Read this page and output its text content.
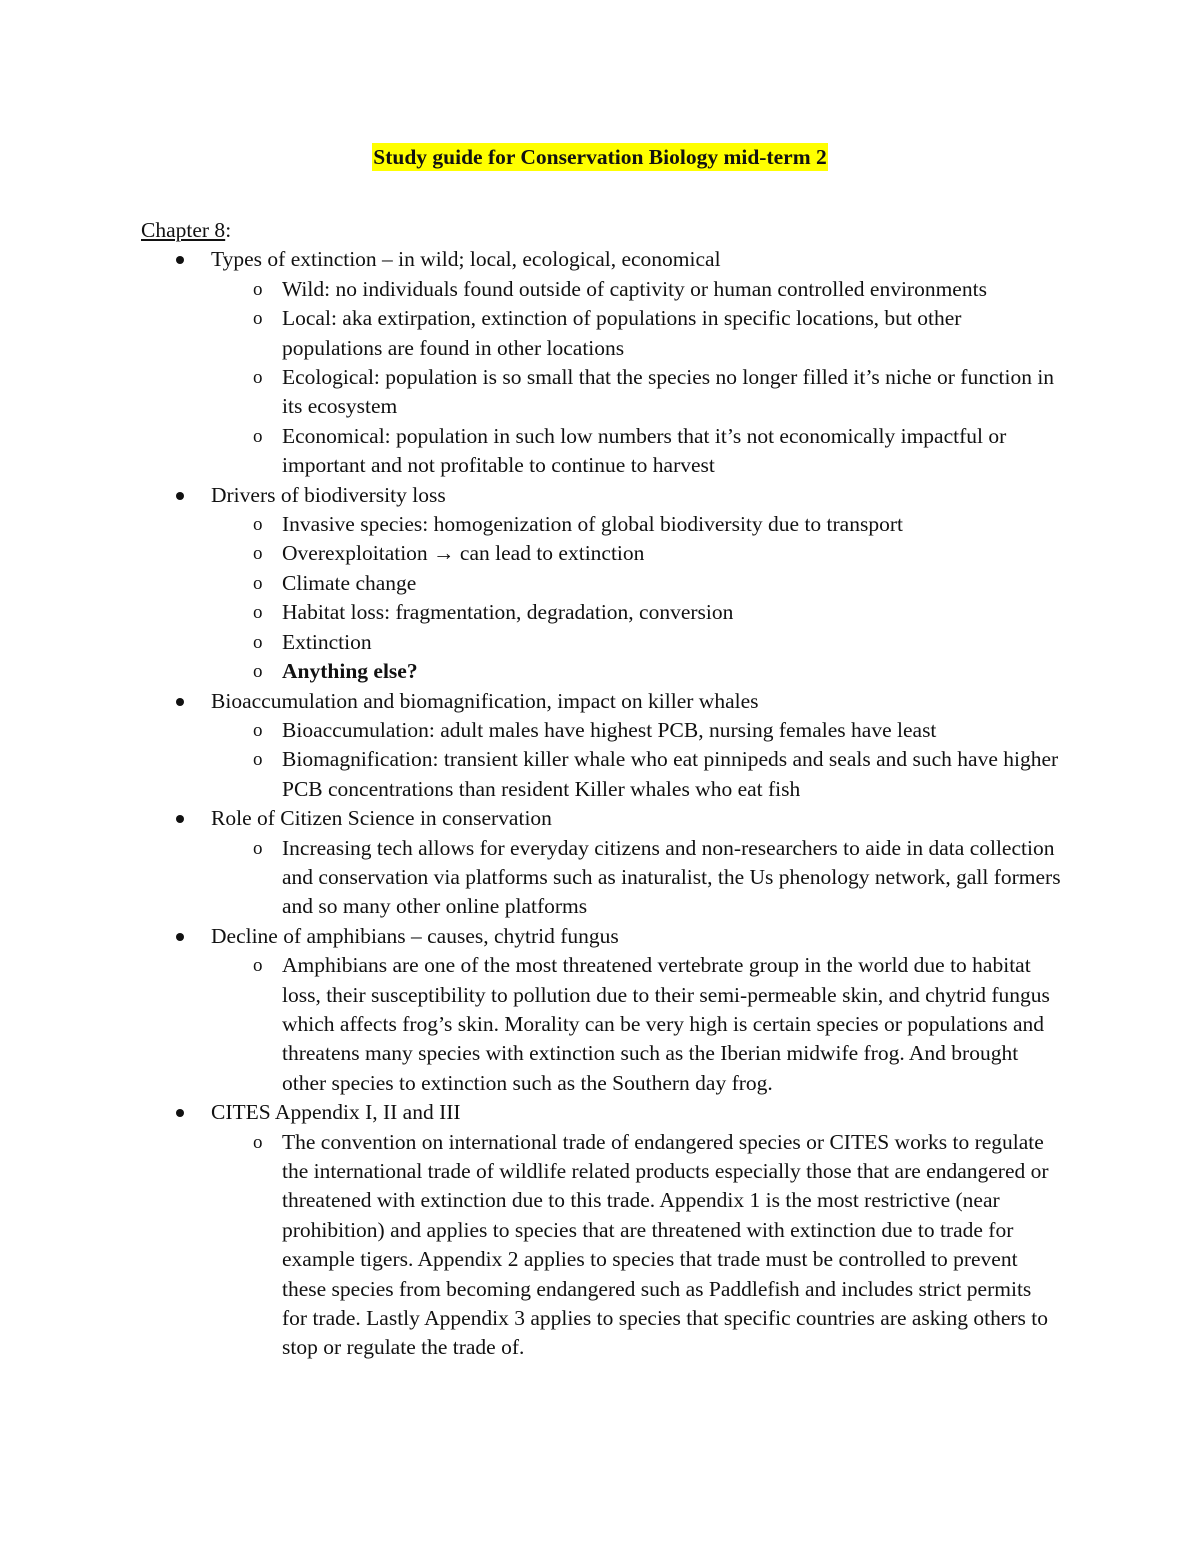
Study guide for Conservation Biology mid-term 2
Chapter 8:
Types of extinction – in wild; local, ecological, economical
o Wild: no individuals found outside of captivity or human controlled environments
o Local: aka extirpation, extinction of populations in specific locations, but other populations are found in other locations
o Ecological: population is so small that the species no longer filled it’s niche or function in its ecosystem
o Economical: population in such low numbers that it’s not economically impactful or important and not profitable to continue to harvest
Drivers of biodiversity loss
o Invasive species: homogenization of global biodiversity due to transport
o Overexploitation → can lead to extinction
o Climate change
o Habitat loss: fragmentation, degradation, conversion
o Extinction
o Anything else?
Bioaccumulation and biomagnification, impact on killer whales
o Bioaccumulation: adult males have highest PCB, nursing females have least
o Biomagnification: transient killer whale who eat pinnipeds and seals and such have higher PCB concentrations than resident Killer whales who eat fish
Role of Citizen Science in conservation
o Increasing tech allows for everyday citizens and non-researchers to aide in data collection and conservation via platforms such as inaturalist, the Us phenology network, gall formers and so many other online platforms
Decline of amphibians – causes, chytrid fungus
o Amphibians are one of the most threatened vertebrate group in the world due to habitat loss, their susceptibility to pollution due to their semi-permeable skin, and chytrid fungus which affects frog’s skin. Morality can be very high is certain species or populations and threatens many species with extinction such as the Iberian midwife frog. And brought other species to extinction such as the Southern day frog.
CITES Appendix I, II and III
o The convention on international trade of endangered species or CITES works to regulate the international trade of wildlife related products especially those that are endangered or threatened with extinction due to this trade. Appendix 1 is the most restrictive (near prohibition) and applies to species that are threatened with extinction due to trade for example tigers. Appendix 2 applies to species that trade must be controlled to prevent these species from becoming endangered such as Paddlefish and includes strict permits for trade. Lastly Appendix 3 applies to species that specific countries are asking others to stop or regulate the trade of.
